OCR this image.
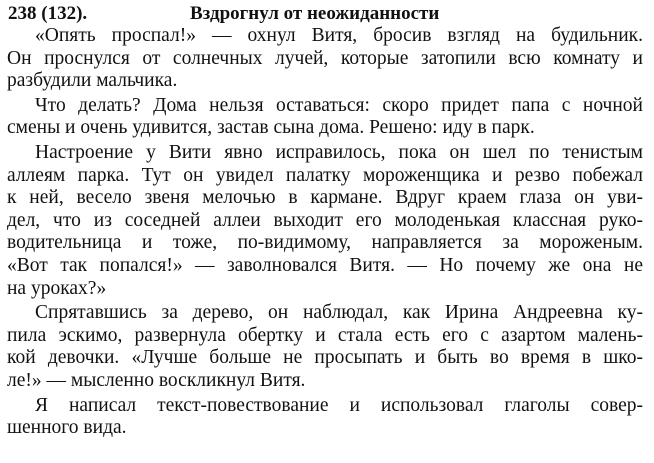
238 (132).	Вздрогнул от неожиданности
«Опять проспал!» — охнул Витя, бросив взгляд на будильник.
Он проснулся от солнечных лучей, которые затопили всю комнату и
разбудили мальчика.
Что делать? Дома нельзя оставаться: скоро придет папа с ночной
смены и очень удивится, застав сына дома. Решено: иду в парк.
Настроение у Вити явно исправилось, пока он шел по тенистым
аллеям парка. Тут он увидел палатку мороженщика и резво побежал
к ней, весело звеня мелочью в кармане. Вдруг краем глаза он уви-
дел, что из соседней аллеи выходит его молоденькая классная руко-
водительница и тоже, по-видимому, направляется за мороженым.
«Вот так попался!» — заволновался Витя. — Но почему же она не
на уроках?»
Спрятавшись за дерево, он наблюдал, как Ирина Андреевна ку-
пила эскимо, развернула обертку и стала есть его с азартом малень-
кой девочки. «Лучше больше не просыпать и быть во время в шко-
ле!» — мысленно воскликнул Витя.
Я написал текст-повествование и использовал глаголы совер-
шенного вида.
